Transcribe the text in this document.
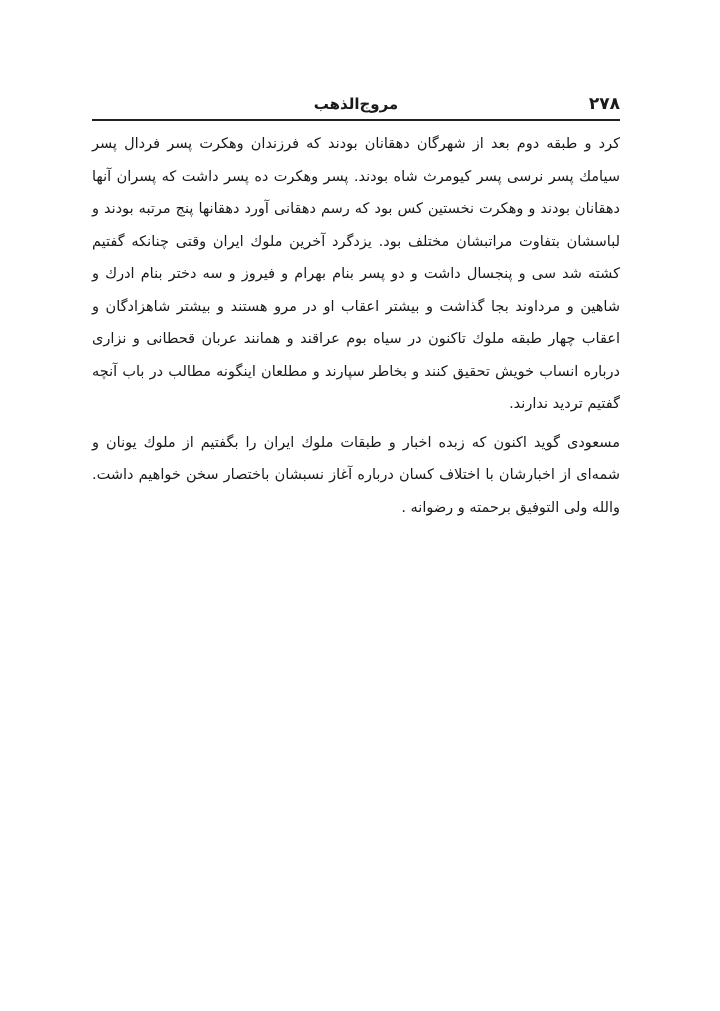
۲۷۸
مروج‌الذهب

کرد و طبقه دوم بعد از شهرگان دهقانان بودند که فرزندان وهکرت پسر فردال پسر سیامك پسر نرسی پسر کیومرث شاه بودند. پسر وهکرت ده پسر داشت که پسران آنها دهقانان بودند و وهکرت نخستین کس بود که رسم دهقانی آورد دهقانها پنج مرتبه بودند و لباسشان بتفاوت مراتبشان مختلف بود. یزدگرد آخرین ملوك ایران وقتی چنانکه گفتیم کشته شد سی و پنجسال داشت و دو پسر بنام بهرام و فیروز و سه دختر بنام ادرك و شاهین و مرداوند بجا گذاشت و بیشتر اعقاب او در مرو هستند و بیشتر شاهزادگان و اعقاب چهار طبقه ملوك تاکنون در سیاه بوم عراقند و همانند عربان قحطانی و نزاری درباره انساب خویش تحقیق کنند و بخاطر سپارند و مطلعان اینگونه مطالب در باب آنچه گفتیم تردید ندارند.

مسعودی گوید اکنون که زبده اخبار و طبقات ملوك ایران را بگفتیم از ملوك یونان و شمه‌ای از اخبارشان با اختلاف کسان درباره آغاز نسبشان باختصار سخن خواهیم داشت. والله ولی التوفیق برحمته و رضوانه .
